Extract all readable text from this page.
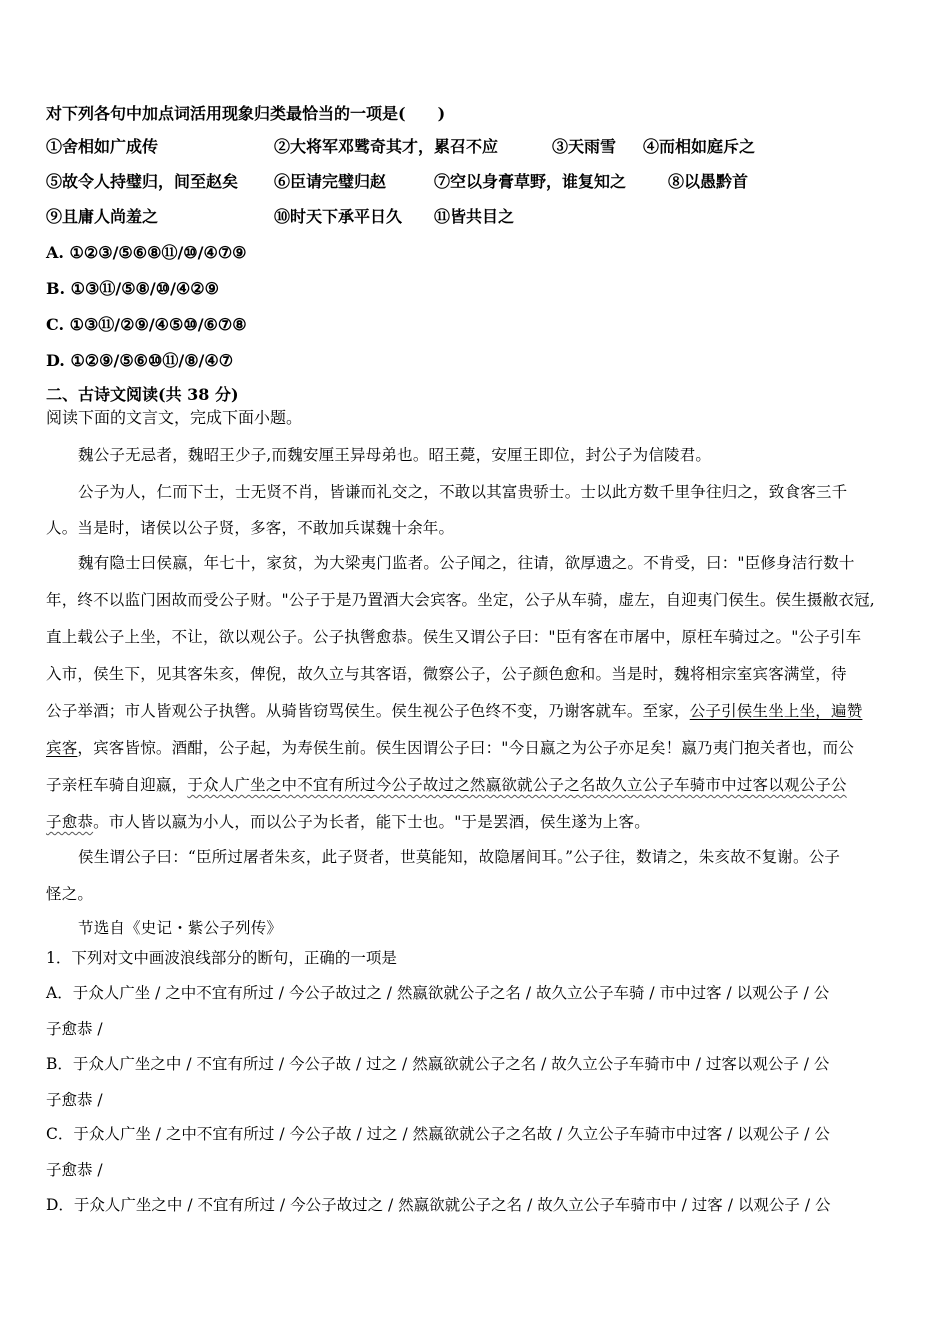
对下列各句中加点词活用现象归类最恰当的一项是(　　)
①舍相如广成传	②大将军邓骘奇其才，累召不应	③天雨雪 ④而相如庭斥之
⑤故令人持璧归，间至赵矣 ⑥臣请完璧归赵	⑦空以身膏草野，谁复知之	⑧以愚黔首
⑨且庸人尚羞之	⑩时天下承平日久 ⑪皆共目之
A. ①②③/⑤⑥⑧⑪/⑩/④⑦⑨
B. ①③⑪/⑤⑧/⑩/④②⑨
C. ①③⑪/②⑨/④⑤⑩/⑥⑦⑧
D. ①②⑨/⑤⑥⑩⑪/⑧/④⑦
二、古诗文阅读(共 38 分)
阅读下面的文言文，完成下面小题。
魏公子无忌者，魏昭王少子,而魏安厘王异母弟也。昭王薨，安厘王即位，封公子为信陵君。
公子为人，仁而下士，士无贤不肖，皆谦而礼交之，不敢以其富贵骄士。士以此方数千里争往归之，致食客三千
人。当是时，诸侯以公子贤，多客，不敢加兵谋魏十余年。
魏有隐士曰侯嬴，年七十，家贫，为大梁夷门监者。公子闻之，往请，欲厚遗之。不肯受，曰："臣修身洁行数十
年，终不以监门困故而受公子财。"公子于是乃置酒大会宾客。坐定，公子从车骑，虚左，自迎夷门侯生。侯生摄敝衣冠,
直上载公子上坐，不让，欲以观公子。公子执辔愈恭。侯生又谓公子曰："臣有客在市屠中，原枉车骑过之。"公子引车
入市，侯生下，见其客朱亥，俾倪，故久立与其客语，微察公子，公子颜色愈和。当是时，魏将相宗室宾客满堂，待
公子举酒；市人皆观公子执辔。从骑皆窃骂侯生。侯生视公子色终不变，乃谢客就车。至家，公子引侯生坐上坐，遍赞
宾客，宾客皆惊。酒酣，公子起，为寿侯生前。侯生因谓公子曰："今日嬴之为公子亦足矣！嬴乃夷门抱关者也，而公
子亲枉车骑自迎嬴，于众人广坐之中不宜有所过今公子故过之然嬴欲就公子之名故久立公子车骑市中过客以观公子公
子愈恭。市人皆以嬴为小人，而以公子为长者，能下士也。"于是罢酒，侯生遂为上客。
侯生谓公子曰：“臣所过屠者朱亥，此子贤者，世莫能知，故隐屠间耳。”公子往，数请之，朱亥故不复谢。公子
怪之。
节选自《史记・紫公子列传》
1．下列对文中画波浪线部分的断句，正确的一项是
A．于众人广坐 / 之中不宜有所过 / 今公子故过之 / 然嬴欲就公子之名 / 故久立公子车骑 / 市中过客 / 以观公子 / 公
子愈恭 /
B．于众人广坐之中 / 不宜有所过 / 今公子故 / 过之 / 然嬴欲就公子之名 / 故久立公子车骑市中 / 过客以观公子 / 公
子愈恭 /
C．于众人广坐 / 之中不宜有所过 / 今公子故 / 过之 / 然嬴欲就公子之名故 / 久立公子车骑市中过客 / 以观公子 / 公
子愈恭 /
D．于众人广坐之中 / 不宜有所过 / 今公子故过之 / 然嬴欲就公子之名 / 故久立公子车骑市中 / 过客 / 以观公子 / 公
